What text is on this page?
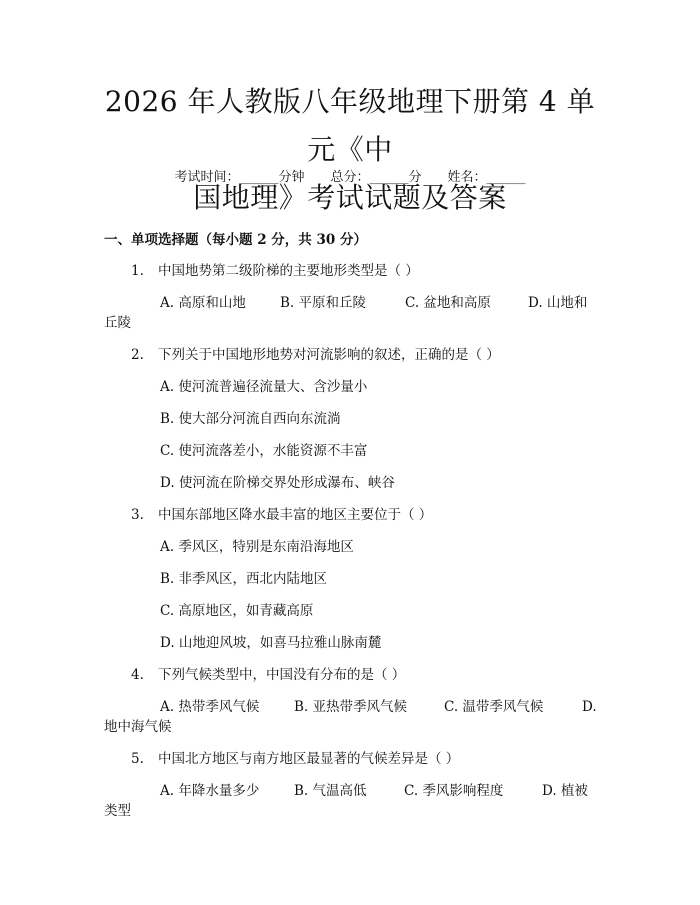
2026 年人教版八年级地理下册第 4 单元《中
国地理》考试试题及答案
考试时间：______分钟 总分：______分 姓名：______
一、单项选择题（每小题 2 分，共 30 分）
1. 中国地势第二级阶梯的主要地形类型是（ ）
A. 高原和山地	B. 平原和丘陵	C. 盆地和高原	D. 山地和
丘陵
2. 下列关于中国地形地势对河流影响的叙述，正确的是（ ）
A. 使河流普遍径流量大、含沙量小
B. 使大部分河流自西向东流淌
C. 使河流落差小，水能资源不丰富
D. 使河流在阶梯交界处形成瀑布、峡谷
3. 中国东部地区降水最丰富的地区主要位于（ ）
A. 季风区，特别是东南沿海地区
B. 非季风区，西北内陆地区
C. 高原地区，如青藏高原
D. 山地迎风坡，如喜马拉雅山脉南麓
4. 下列气候类型中，中国没有分布的是（ ）
A. 热带季风气候	B. 亚热带季风气候	C. 温带季风气候	D.
地中海气候
5. 中国北方地区与南方地区最显著的气候差异是（ ）
A. 年降水量多少	B. 气温高低	C. 季风影响程度	D. 植被
类型
